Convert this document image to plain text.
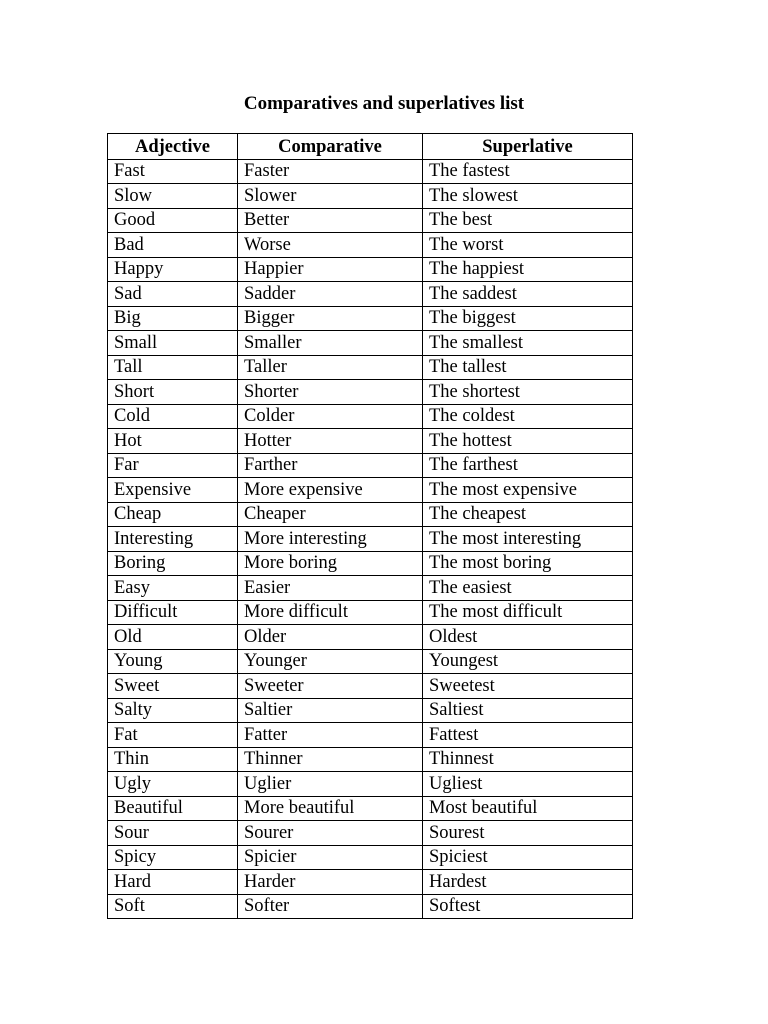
Comparatives and superlatives list
Adjective	Comparative	Superlative
Fast	Faster	The fastest
Slow	Slower	The slowest
Good	Better	The best
Bad	Worse	The worst
Happy	Happier	The happiest
Sad	Sadder	The saddest
Big	Bigger	The biggest
Small	Smaller	The smallest
Tall	Taller	The tallest
Short	Shorter	The shortest
Cold	Colder	The coldest
Hot	Hotter	The hottest
Far	Farther	The farthest
Expensive	More expensive	The most expensive
Cheap	Cheaper	The cheapest
Interesting	More interesting	The most interesting
Boring	More boring	The most boring
Easy	Easier	The easiest
Difficult	More difficult	The most difficult
Old	Older	Oldest
Young	Younger	Youngest
Sweet	Sweeter	Sweetest
Salty	Saltier	Saltiest
Fat	Fatter	Fattest
Thin	Thinner	Thinnest
Ugly	Uglier	Ugliest
Beautiful	More beautiful	Most beautiful
Sour	Sourer	Sourest
Spicy	Spicier	Spiciest
Hard	Harder	Hardest
Soft	Softer	Softest
